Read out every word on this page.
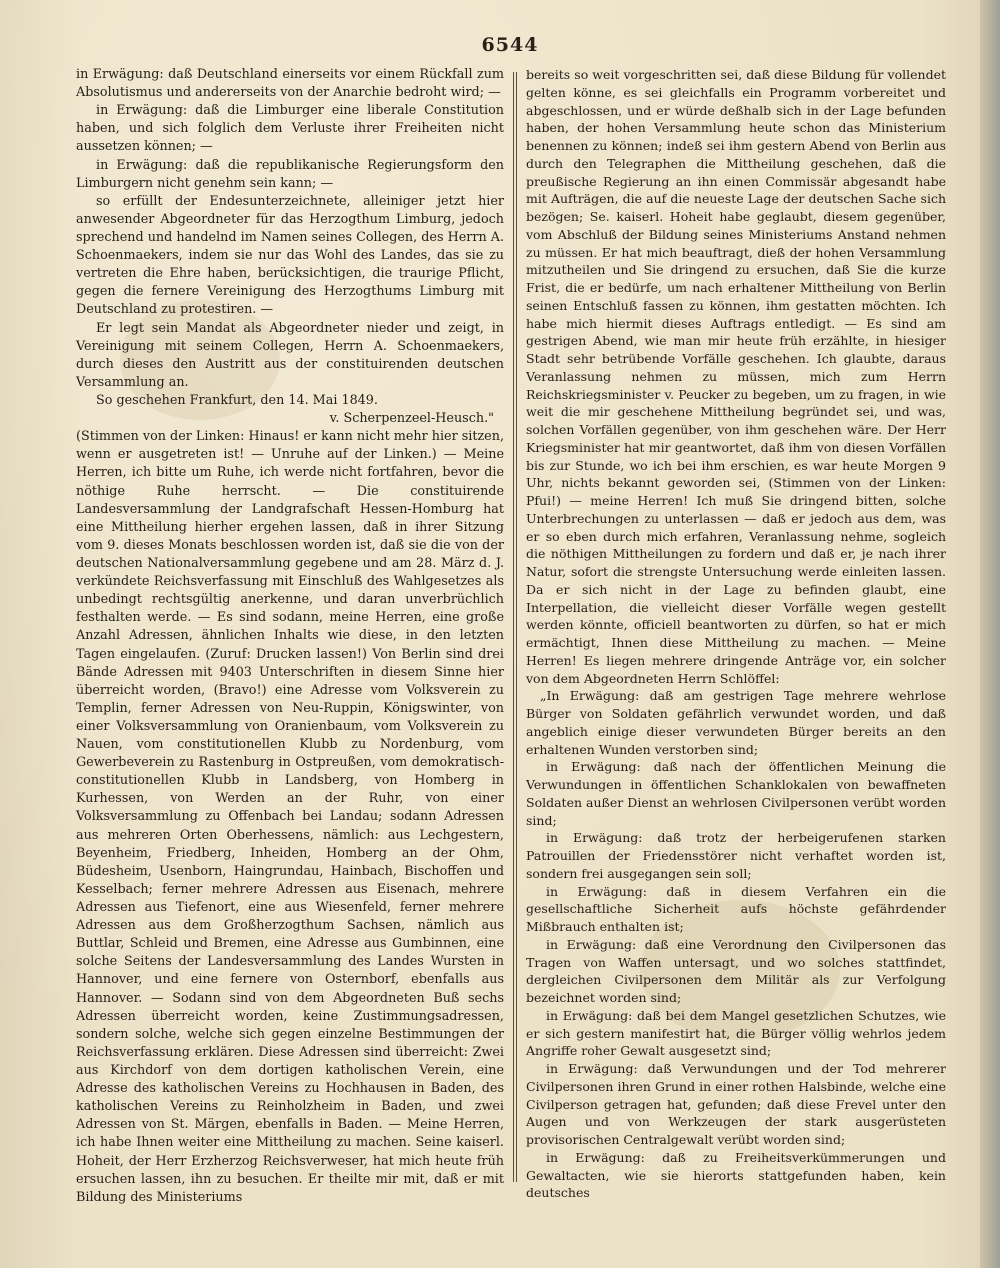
6544

in Erwägung: daß Deutschland einerseits vor einem Rückfall zum Absolutismus und andererseits von der Anarchie bedroht wird; —

in Erwägung: daß die Limburger eine liberale Constitution haben, und sich folglich dem Verluste ihrer Freiheiten nicht aussetzen können; —

in Erwägung: daß die republikanische Regierungsform den Limburgern nicht genehm sein kann; —

so erfüllt der Endesunterzeichnete, alleiniger jetzt hier anwesender Abgeordneter für das Herzogthum Limburg, jedoch sprechend und handelnd im Namen seines Collegen, des Herrn A. Schoenmaekers, indem sie nur das Wohl des Landes, das sie zu vertreten die Ehre haben, berücksichtigen, die traurige Pflicht, gegen die fernere Vereinigung des Herzogthums Limburg mit Deutschland zu protestiren. —

Er legt sein Mandat als Abgeordneter nieder und zeigt, in Vereinigung mit seinem Collegen, Herrn A. Schoenmaekers, durch dieses den Austritt aus der constituirenden deutschen Versammlung an.

So geschehen Frankfurt, den 14. Mai 1849.

v. Scherpenzeel-Heusch."

(Stimmen von der Linken: Hinaus! er kann nicht mehr hier sitzen, wenn er ausgetreten ist! — Unruhe auf der Linken.) — Meine Herren, ich bitte um Ruhe, ich werde nicht fortfahren, bevor die nöthige Ruhe herrscht. — Die constituirende Landesversammlung der Landgrafschaft Hessen-Homburg hat eine Mittheilung hierher ergehen lassen, daß in ihrer Sitzung vom 9. dieses Monats beschlossen worden ist, daß sie die von der deutschen Nationalversammlung gegebene und am 28. März d. J. verkündete Reichsverfassung mit Einschluß des Wahlgesetzes als unbedingt rechtsgültig anerkenne, und daran unverbrüchlich festhalten werde. — Es sind sodann, meine Herren, eine große Anzahl Adressen, ähnlichen Inhalts wie diese, in den letzten Tagen eingelaufen. (Zuruf: Drucken lassen!) Von Berlin sind drei Bände Adressen mit 9403 Unterschriften in diesem Sinne hier überreicht worden, (Bravo!) eine Adresse vom Volksverein zu Templin, ferner Adressen von Neu-Ruppin, Königswinter, von einer Volksversammlung von Oranienbaum, vom Volksverein zu Nauen, vom constitutionellen Klubb zu Nordenburg, vom Gewerbeverein zu Rastenburg in Ostpreußen, vom demokratisch-constitutionellen Klubb in Landsberg, von Homberg in Kurhessen, von Werden an der Ruhr, von einer Volksversammlung zu Offenbach bei Landau; sodann Adressen aus mehreren Orten Oberhessens, nämlich: aus Lechgestern, Beyenheim, Friedberg, Inheiden, Homberg an der Ohm, Büdesheim, Usenborn, Haingrundau, Hainbach, Bischoffen und Kesselbach; ferner mehrere Adressen aus Eisenach, mehrere Adressen aus Tiefenort, eine aus Wiesenfeld, ferner mehrere Adressen aus dem Großherzogthum Sachsen, nämlich aus Buttlar, Schleid und Bremen, eine Adresse aus Gumbinnen, eine solche Seitens der Landesversammlung des Landes Wursten in Hannover, und eine fernere von Osternborf, ebenfalls aus Hannover. — Sodann sind von dem Abgeordneten Buß sechs Adressen überreicht worden, keine Zustimmungsadressen, sondern solche, welche sich gegen einzelne Bestimmungen der Reichsverfassung erklären. Diese Adressen sind überreicht: Zwei aus Kirchdorf von dem dortigen katholischen Verein, eine Adresse des katholischen Vereins zu Hochhausen in Baden, des katholischen Vereins zu Reinholzheim in Baden, und zwei Adressen von St. Märgen, ebenfalls in Baden. — Meine Herren, ich habe Ihnen weiter eine Mittheilung zu machen. Seine kaiserl. Hoheit, der Herr Erzherzog Reichsverweser, hat mich heute früh ersuchen lassen, ihn zu besuchen. Er theilte mir mit, daß er mit Bildung des Ministeriums

bereits so weit vorgeschritten sei, daß diese Bildung für vollendet gelten könne, es sei gleichfalls ein Programm vorbereitet und abgeschlossen, und er würde deßhalb sich in der Lage befunden haben, der hohen Versammlung heute schon das Ministerium benennen zu können; indeß sei ihm gestern Abend von Berlin aus durch den Telegraphen die Mittheilung geschehen, daß die preußische Regierung an ihn einen Commissär abgesandt habe mit Aufträgen, die auf die neueste Lage der deutschen Sache sich bezögen; Se. kaiserl. Hoheit habe geglaubt, diesem gegenüber, vom Abschluß der Bildung seines Ministeriums Anstand nehmen zu müssen. Er hat mich beauftragt, dieß der hohen Versammlung mitzutheilen und Sie dringend zu ersuchen, daß Sie die kurze Frist, die er bedürfe, um nach erhaltener Mittheilung von Berlin seinen Entschluß fassen zu können, ihm gestatten möchten. Ich habe mich hiermit dieses Auftrags entledigt. — Es sind am gestrigen Abend, wie man mir heute früh erzählte, in hiesiger Stadt sehr betrübende Vorfälle geschehen. Ich glaubte, daraus Veranlassung nehmen zu müssen, mich zum Herrn Reichskriegsminister v. Peucker zu begeben, um zu fragen, in wie weit die mir geschehene Mittheilung begründet sei, und was, solchen Vorfällen gegenüber, von ihm geschehen wäre. Der Herr Kriegsminister hat mir geantwortet, daß ihm von diesen Vorfällen bis zur Stunde, wo ich bei ihm erschien, es war heute Morgen 9 Uhr, nichts bekannt geworden sei, (Stimmen von der Linken: Pfui!) — meine Herren! Ich muß Sie dringend bitten, solche Unterbrechungen zu unterlassen — daß er jedoch aus dem, was er so eben durch mich erfahren, Veranlassung nehme, sogleich die nöthigen Mittheilungen zu fordern und daß er, je nach ihrer Natur, sofort die strengste Untersuchung werde einleiten lassen. Da er sich nicht in der Lage zu befinden glaubt, eine Interpellation, die vielleicht dieser Vorfälle wegen gestellt werden könnte, officiell beantworten zu dürfen, so hat er mich ermächtigt, Ihnen diese Mittheilung zu machen. — Meine Herren! Es liegen mehrere dringende Anträge vor, ein solcher von dem Abgeordneten Herrn Schlöffel:

„In Erwägung: daß am gestrigen Tage mehrere wehrlose Bürger von Soldaten gefährlich verwundet worden, und daß angeblich einige dieser verwundeten Bürger bereits an den erhaltenen Wunden verstorben sind;

in Erwägung: daß nach der öffentlichen Meinung die Verwundungen in öffentlichen Schanklokalen von bewaffneten Soldaten außer Dienst an wehrlosen Civilpersonen verübt worden sind;

in Erwägung: daß trotz der herbeigerufenen starken Patrouillen der Friedensstörer nicht verhaftet worden ist, sondern frei ausgegangen sein soll;

in Erwägung: daß in diesem Verfahren ein die gesellschaftliche Sicherheit aufs höchste gefährdender Mißbrauch enthalten ist;

in Erwägung: daß eine Verordnung den Civilpersonen das Tragen von Waffen untersagt, und wo solches stattfindet, dergleichen Civilpersonen dem Militär als zur Verfolgung bezeichnet worden sind;

in Erwägung: daß bei dem Mangel gesetzlichen Schutzes, wie er sich gestern manifestirt hat, die Bürger völlig wehrlos jedem Angriffe roher Gewalt ausgesetzt sind;

in Erwägung: daß Verwundungen und der Tod mehrerer Civilpersonen ihren Grund in einer rothen Halsbinde, welche eine Civilperson getragen hat, gefunden; daß diese Frevel unter den Augen und von Werkzeugen der stark ausgerüsteten provisorischen Centralgewalt verübt worden sind;

in Erwägung: daß zu Freiheitsverkümmerungen und Gewaltacten, wie sie hierorts stattgefunden haben, kein deutsches
